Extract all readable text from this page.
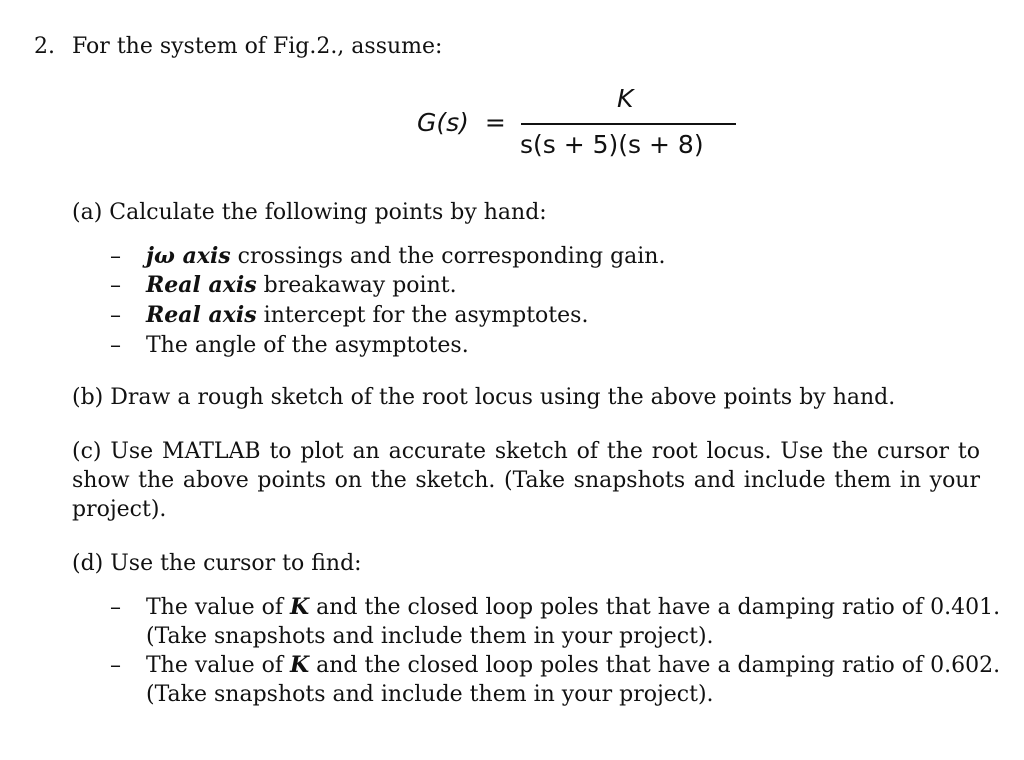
2. For the system of Fig.2., assume:
G(s) =
K
s(s + 5)(s + 8)
(a) Calculate the following points by hand:
– jω axis crossings and the corresponding gain.
– Real axis breakaway point.
– Real axis intercept for the asymptotes.
– The angle of the asymptotes.
(b) Draw a rough sketch of the root locus using the above points by hand.
(c) Use MATLAB to plot an accurate sketch of the root locus. Use the cursor to show the above points on the sketch. (Take snapshots and include them in your project).
(d) Use the cursor to find:
– The value of K and the closed loop poles that have a damping ratio of 0.401.
(Take snapshots and include them in your project).
– The value of K and the closed loop poles that have a damping ratio of 0.602.
(Take snapshots and include them in your project).
